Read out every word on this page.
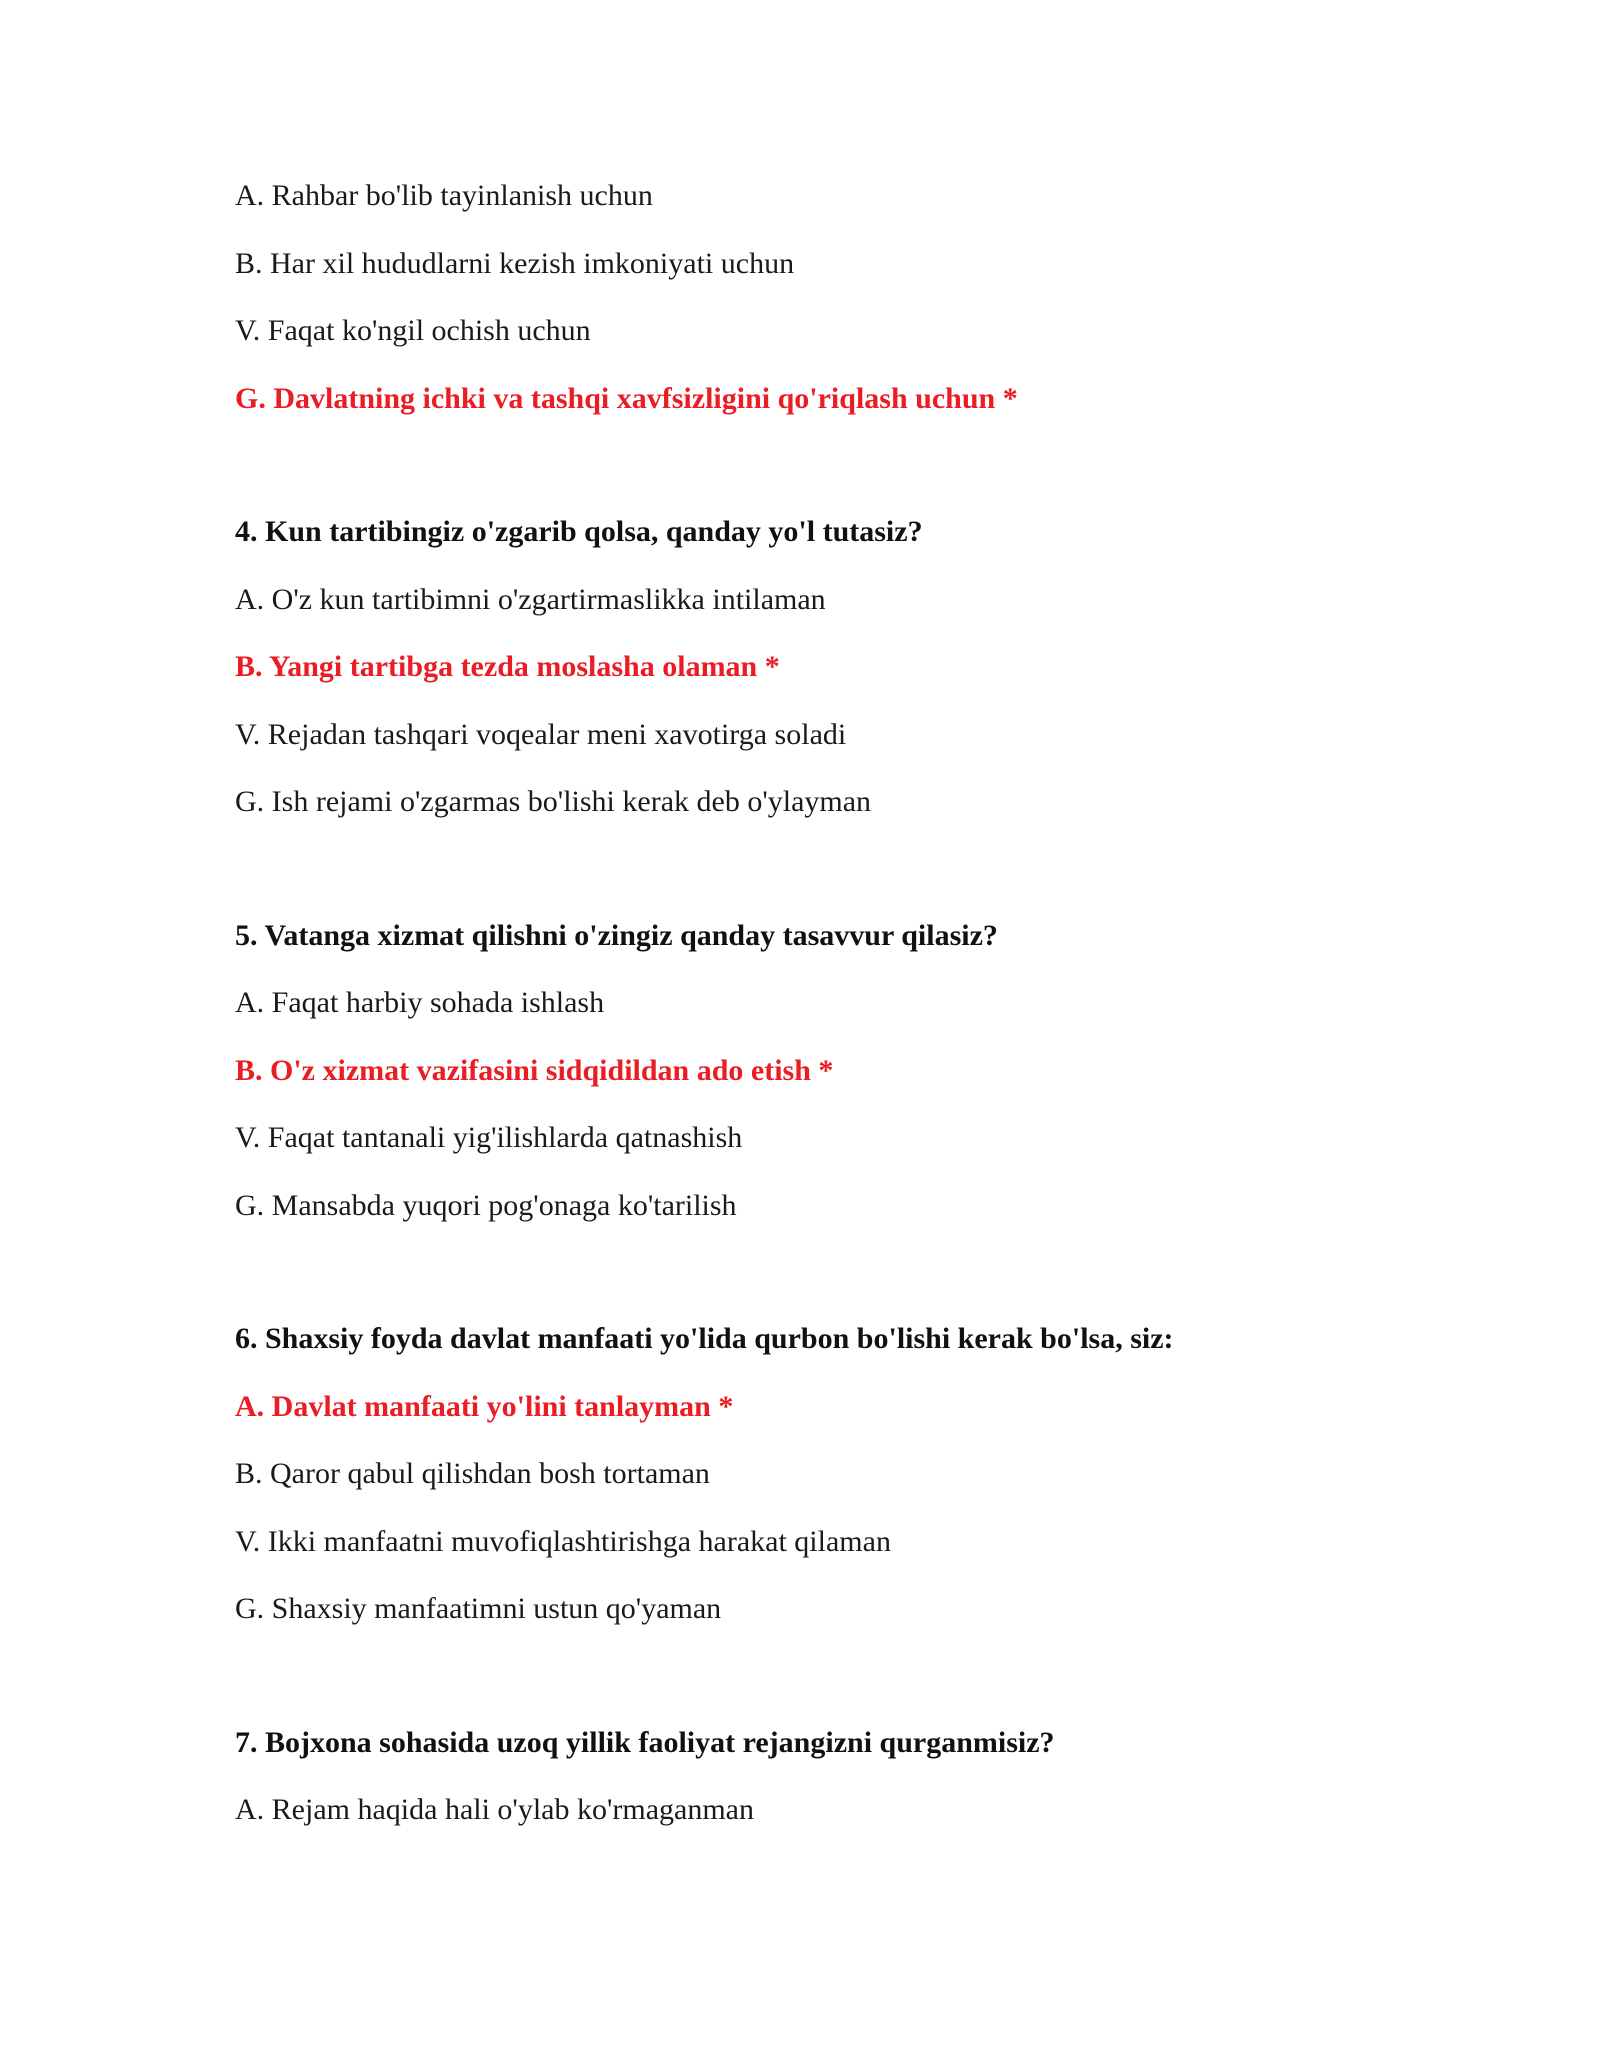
A. Rahbar bo'lib tayinlanish uchun
B. Har xil hududlarni kezish imkoniyati uchun
V. Faqat ko'ngil ochish uchun
G. Davlatning ichki va tashqi xavfsizligini qo'riqlash uchun *
4. Kun tartibingiz o'zgarib qolsa, qanday yo'l tutasiz?
A. O'z kun tartibimni o'zgartirmaslikka intilaman
B. Yangi tartibga tezda moslasha olaman *
V. Rejadan tashqari voqealar meni xavotirga soladi
G. Ish rejami o'zgarmas bo'lishi kerak deb o'ylayman
5. Vatanga xizmat qilishni o'zingiz qanday tasavvur qilasiz?
A. Faqat harbiy sohada ishlash
B. O'z xizmat vazifasini sidqidildan ado etish *
V. Faqat tantanali yig'ilishlarda qatnashish
G. Mansabda yuqori pog'onaga ko'tarilish
6. Shaxsiy foyda davlat manfaati yo'lida qurbon bo'lishi kerak bo'lsa, siz:
A. Davlat manfaati yo'lini tanlayman *
B. Qaror qabul qilishdan bosh tortaman
V. Ikki manfaatni muvofiqlashtirishga harakat qilaman
G. Shaxsiy manfaatimni ustun qo'yaman
7. Bojxona sohasida uzoq yillik faoliyat rejangizni qurganmisiz?
A. Rejam haqida hali o'ylab ko'rmaganman
